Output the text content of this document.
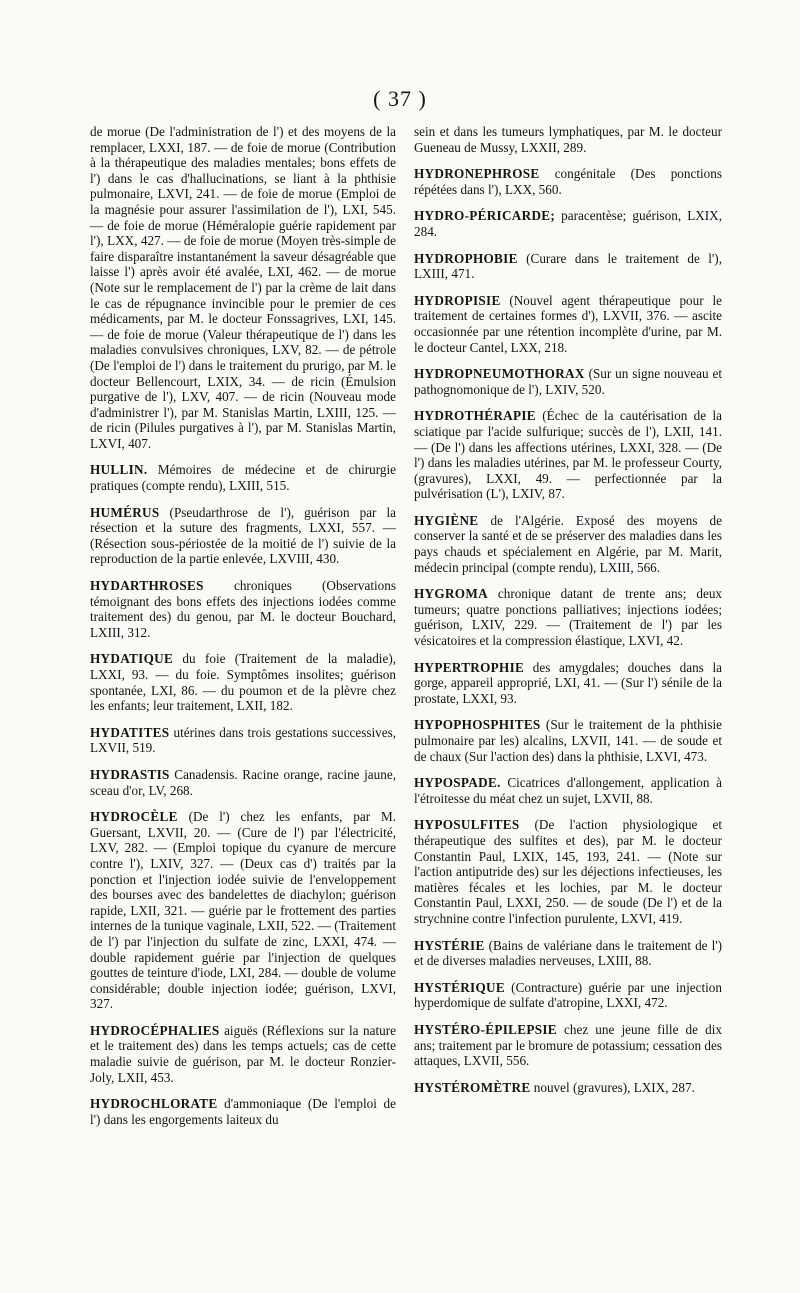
( 37 )

de morue (De l'administration de l') et des moyens de la remplacer, LXXI, 187. — de foie de morue (Contribution à la thérapeutique des maladies mentales; bons effets de l') dans le cas d'hallucinations, se liant à la phthisie pulmonaire, LXVI, 241. — de foie de morue (Emploi de la magnésie pour assurer l'assimilation de l'), LXI, 545. — de foie de morue (Héméralopie guérie rapidement par l'), LXX, 427. — de foie de morue (Moyen très-simple de faire disparaître instantanément la saveur désagréable que laisse l') après avoir été avalée, LXI, 462. — de morue (Note sur le remplacement de l') par la crème de lait dans le cas de répugnance invincible pour le premier de ces médicaments, par M. le docteur Fonssagrives, LXI, 145. — de foie de morue (Valeur thérapeutique de l') dans les maladies convulsives chroniques, LXV, 82. — de pétrole (De l'emploi de l') dans le traitement du prurigo, par M. le docteur Bellencourt, LXIX, 34. — de ricin (Émulsion purgative de l'), LXV, 407. — de ricin (Nouveau mode d'administrer l'), par M. Stanislas Martin, LXIII, 125. — de ricin (Pilules purgatives à l'), par M. Stanislas Martin, LXVI, 407.

HULLIN. Mémoires de médecine et de chirurgie pratiques (compte rendu), LXIII, 515.

HUMÉRUS (Pseudarthrose de l'), guérison par la résection et la suture des fragments, LXXI, 557. — (Résection sous-périostée de la moitié de l') suivie de la reproduction de la partie enlevée, LXVIII, 430.

HYDARTHROSES chroniques (Observations témoignant des bons effets des injections iodées comme traitement des) du genou, par M. le docteur Bouchard, LXIII, 312.

HYDATIQUE du foie (Traitement de la maladie), LXXI, 93. — du foie. Symptômes insolites; guérison spontanée, LXI, 86. — du poumon et de la plèvre chez les enfants; leur traitement, LXII, 182.

HYDATITES utérines dans trois gestations successives, LXVII, 519.

HYDRASTIS Canadensis. Racine orange, racine jaune, sceau d'or, LV, 268.

HYDROCÈLE (De l') chez les enfants, par M. Guersant, LXVII, 20. — (Cure de l') par l'électricité, LXV, 282. — (Emploi topique du cyanure de mercure contre l'), LXIV, 327. — (Deux cas d') traités par la ponction et l'injection iodée suivie de l'enveloppement des bourses avec des bandelettes de diachylon; guérison rapide, LXII, 321. — guérie par le frottement des parties internes de la tunique vaginale, LXII, 522. — (Traitement de l') par l'injection du sulfate de zinc, LXXI, 474. — double rapidement guérie par l'injection de quelques gouttes de teinture d'iode, LXI, 284. — double de volume considérable; double injection iodée; guérison, LXVI, 327.

HYDROCÉPHALIES aiguës (Réflexions sur la nature et le traitement des) dans les temps actuels; cas de cette maladie suivie de guérison, par M. le docteur Ronzier-Joly, LXII, 453.

HYDROCHLORATE d'ammoniaque (De l'emploi de l') dans les engorgements laiteux du

sein et dans les tumeurs lymphatiques, par M. le docteur Gueneau de Mussy, LXXII, 289.

HYDRONEPHROSE congénitale (Des ponctions répétées dans l'), LXX, 560.

HYDRO-PÉRICARDE; paracentèse; guérison, LXIX, 284.

HYDROPHOBIE (Curare dans le traitement de l'), LXIII, 471.

HYDROPISIE (Nouvel agent thérapeutique pour le traitement de certaines formes d'), LXVII, 376. — ascite occasionnée par une rétention incomplète d'urine, par M. le docteur Cantel, LXX, 218.

HYDROPNEUMOTHORAX (Sur un signe nouveau et pathognomonique de l'), LXIV, 520.

HYDROTHÉRAPIE (Échec de la cautérisation de la sciatique par l'acide sulfurique; succès de l'), LXII, 141. — (De l') dans les affections utérines, LXXI, 328. — (De l') dans les maladies utérines, par M. le professeur Courty, (gravures), LXXI, 49. — perfectionnée par la pulvérisation (L'), LXIV, 87.

HYGIÈNE de l'Algérie. Exposé des moyens de conserver la santé et de se préserver des maladies dans les pays chauds et spécialement en Algérie, par M. Marit, médecin principal (compte rendu), LXIII, 566.

HYGROMA chronique datant de trente ans; deux tumeurs; quatre ponctions palliatives; injections iodées; guérison, LXIV, 229. — (Traitement de l') par les vésicatoires et la compression élastique, LXVI, 42.

HYPERTROPHIE des amygdales; douches dans la gorge, appareil approprié, LXI, 41. — (Sur l') sénile de la prostate, LXXI, 93.

HYPOPHOSPHITES (Sur le traitement de la phthisie pulmonaire par les) alcalins, LXVII, 141. — de soude et de chaux (Sur l'action des) dans la phthisie, LXVI, 473.

HYPOSPADE. Cicatrices d'allongement, application à l'étroitesse du méat chez un sujet, LXVII, 88.

HYPOSULFITES (De l'action physiologique et thérapeutique des sulfites et des), par M. le docteur Constantin Paul, LXIX, 145, 193, 241. — (Note sur l'action antiputride des) sur les déjections infectieuses, les matières fécales et les lochies, par M. le docteur Constantin Paul, LXXI, 250. — de soude (De l') et de la strychnine contre l'infection purulente, LXVI, 419.

HYSTÉRIE (Bains de valériane dans le traitement de l') et de diverses maladies nerveuses, LXIII, 88.

HYSTÉRIQUE (Contracture) guérie par une injection hyperdomique de sulfate d'atropine, LXXI, 472.

HYSTÉRO-ÉPILEPSIE chez une jeune fille de dix ans; traitement par le bromure de potassium; cessation des attaques, LXVII, 556.

HYSTÉROMÈTRE nouvel (gravures), LXIX, 287.
